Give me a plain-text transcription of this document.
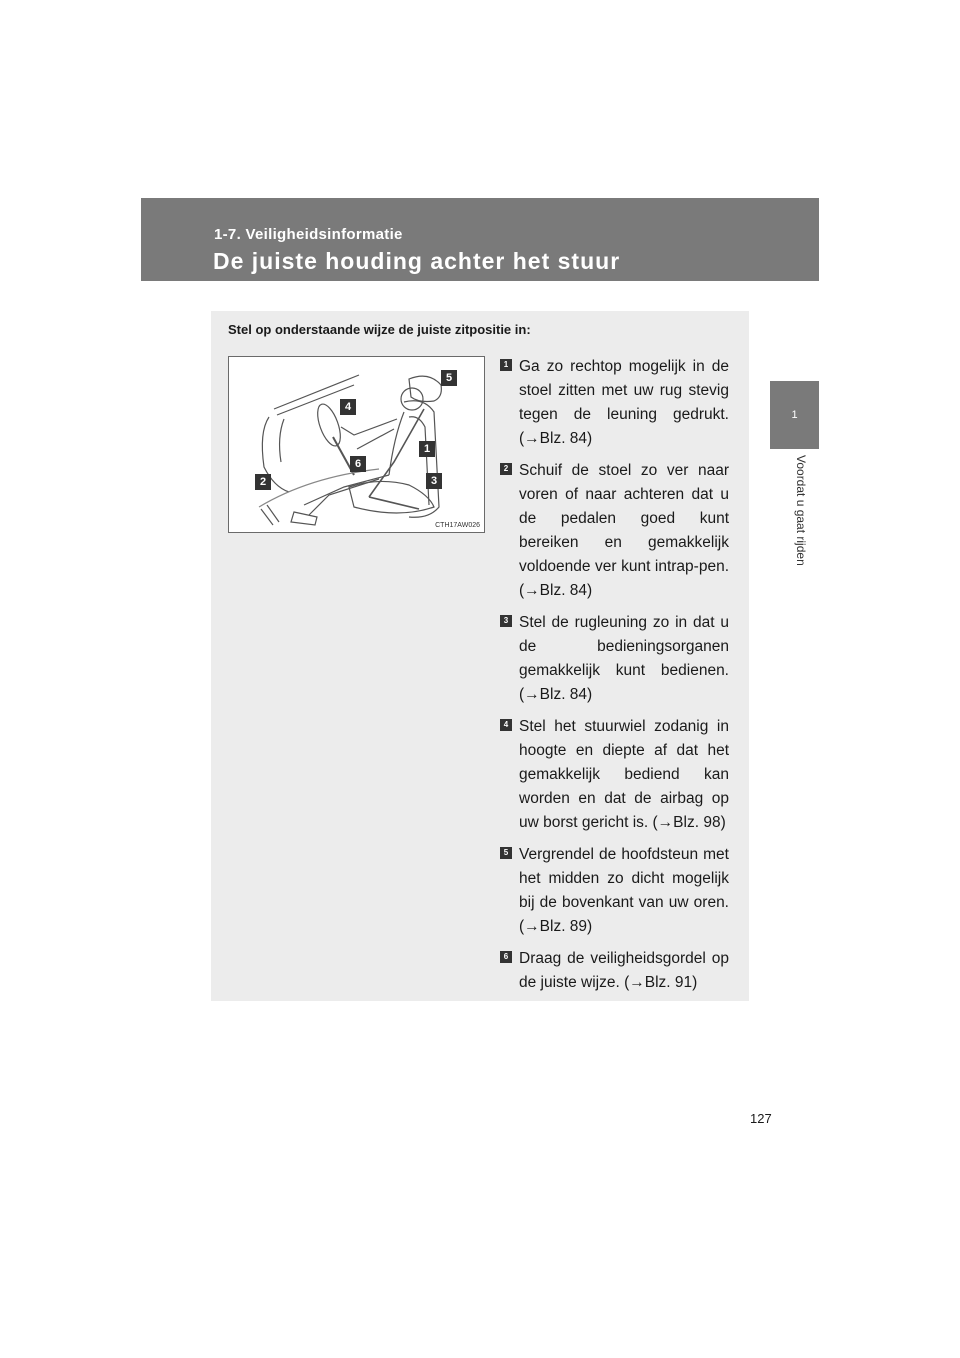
1-7. Veiligheidsinformatie
De juiste houding achter het stuur
1
Voordat u gaat rijden
Stel op onderstaande wijze de juiste zitpositie in:
1
2	3
4
5
6
CTH17AW026
1 Ga zo rechtop mogelijk in de stoel zitten met uw rug stevig tegen de leuning gedrukt. (→Blz. 84)
2 Schuif de stoel zo ver naar voren of naar achteren dat u de pedalen goed kunt bereiken en gemakkelijk voldoende ver kunt intrap-pen. (→Blz. 84)
3 Stel de rugleuning zo in dat u de bedieningsorganen gemakkelijk kunt bedienen. (→Blz. 84)
4 Stel het stuurwiel zodanig in hoogte en diepte af dat het gemakkelijk bediend kan worden en dat de airbag op uw borst gericht is. (→Blz. 98)
5 Vergrendel de hoofdsteun met het midden zo dicht mogelijk bij de bovenkant van uw oren. (→Blz. 89)
6 Draag de veiligheidsgordel op de juiste wijze. (→Blz. 91)
127
